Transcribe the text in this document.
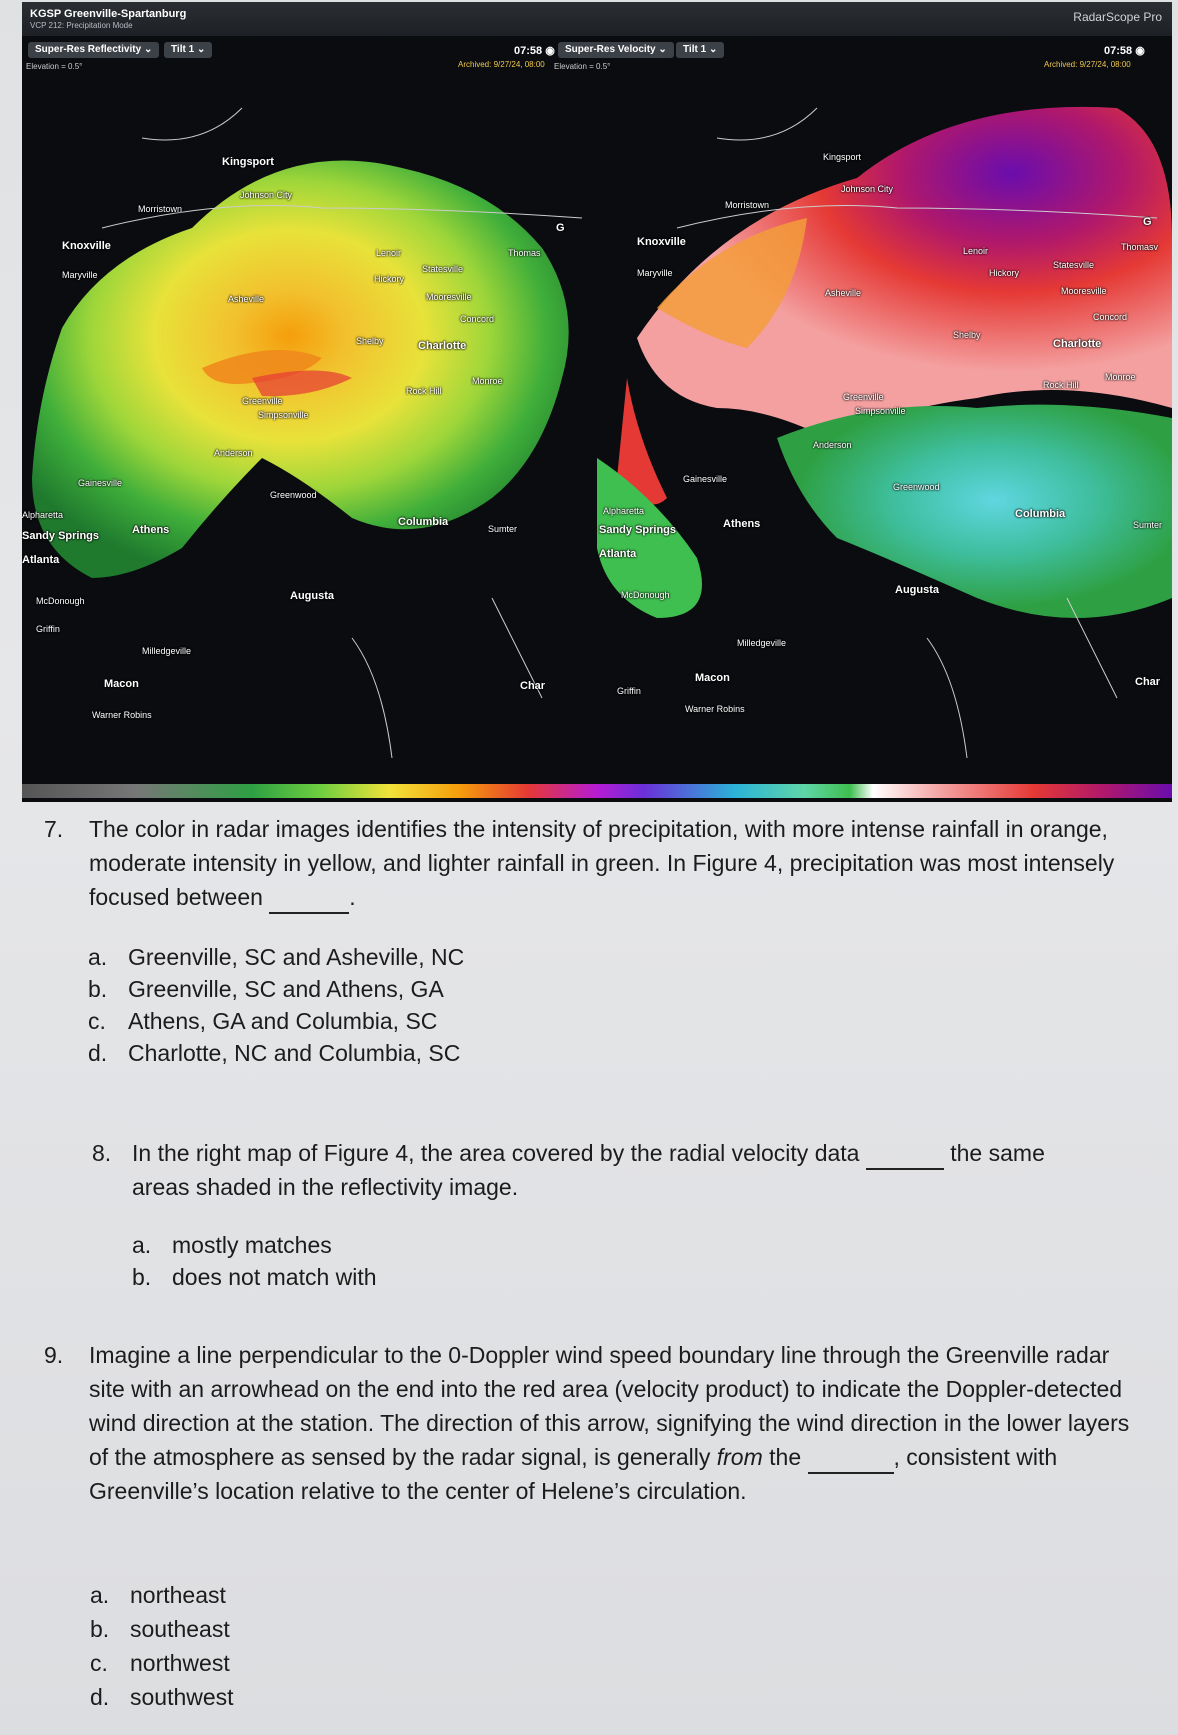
KGSP Greenville-Spartanburg
VCP 212: Precipitation Mode
RadarScope Pro
Super-Res Reflectivity ⌄	Tilt 1 ⌄
Elevation = 0.5°
07:58 ◉
Archived: 9/27/24, 08:00
Super-Res Velocity ⌄	Tilt 1 ⌄
Elevation = 0.5°
07:58 ◉
Archived: 9/27/24, 08:00
Kingsport
Johnson City
Morristown
Knoxville
Maryville
Lenoir
Hickory
Statesville
Mooresville
Asheville
Concord
Shelby	Charlotte
Monroe
Rock Hill
Greenville
Simpsonville
Anderson
Greenwood
Gainesville
Alpharetta
Sandy Springs
Atlanta
Athens
Columbia
Sumter
Augusta
McDonough
Griffin
Milledgeville
Macon	Char
Warner Robins
Thomas
G
Kingsport
Johnson City
Morristown
Knoxville
Maryville
Asheville
Lenoir
Hickory
Statesville
Mooresville
Concord
Shelby
Charlotte
Rock Hill
Monroe
Greenville
Simpsonville
Anderson
Greenwood
Gainesville
Alpharetta
Sandy Springs
Atlanta
Athens
Columbia
Sumter
Augusta
McDonough
Griffin
Milledgeville
Macon
Warner Robins
Char
Thomasv
G
7.	The color in radar images identifies the intensity of precipitation, with more intense rainfall in orange, moderate intensity in yellow, and lighter rainfall in green. In Figure 4, precipitation was most intensely focused between	.
a. Greenville, SC and Asheville, NC
b. Greenville, SC and Athens, GA
c. Athens, GA and Columbia, SC
d. Charlotte, NC and Columbia, SC
8. In the right map of Figure 4, the area covered by the radial velocity data	the same areas shaded in the reflectivity image.
a. mostly matches
b. does not match with
9.	Imagine a line perpendicular to the 0-Doppler wind speed boundary line through the Greenville radar site with an arrowhead on the end into the red area (velocity product) to indicate the Doppler-detected wind direction at the station. The direction of this arrow, signifying the wind direction in the lower layers of the atmosphere as sensed by the radar signal, is generally from the	, consistent with Greenville’s location relative to the center of Helene’s circulation.
a. northeast
b. southeast
c. northwest
d. southwest
